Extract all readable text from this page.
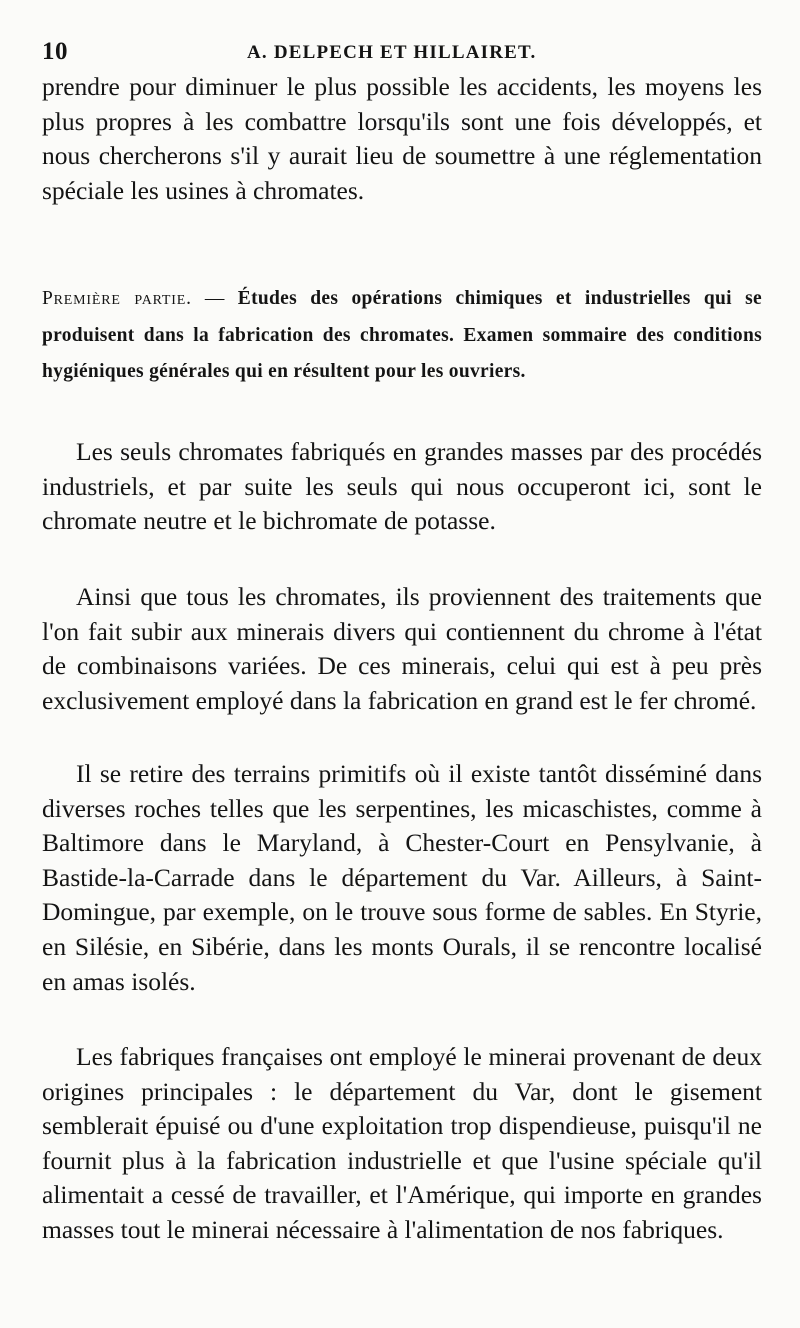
10	A. DELPECH ET HILLAIRET.

prendre pour diminuer le plus possible les accidents, les moyens les plus propres à les combattre lorsqu'ils sont une fois développés, et nous chercherons s'il y aurait lieu de soumettre à une réglementation spéciale les usines à chromates.

Première partie. — Études des opérations chimiques et industrielles qui se produisent dans la fabrication des chromates. Examen sommaire des conditions hygiéniques générales qui en résultent pour les ouvriers.

Les seuls chromates fabriqués en grandes masses par des procédés industriels, et par suite les seuls qui nous occuperont ici, sont le chromate neutre et le bichromate de potasse.

Ainsi que tous les chromates, ils proviennent des traitements que l'on fait subir aux minerais divers qui contiennent du chrome à l'état de combinaisons variées. De ces minerais, celui qui est à peu près exclusivement employé dans la fabrication en grand est le fer chromé.

Il se retire des terrains primitifs où il existe tantôt disséminé dans diverses roches telles que les serpentines, les micaschistes, comme à Baltimore dans le Maryland, à Chester-Court en Pensylvanie, à Bastide-la-Carrade dans le département du Var. Ailleurs, à Saint-Domingue, par exemple, on le trouve sous forme de sables. En Styrie, en Silésie, en Sibérie, dans les monts Ourals, il se rencontre localisé en amas isolés.

Les fabriques françaises ont employé le minerai provenant de deux origines principales : le département du Var, dont le gisement semblerait épuisé ou d'une exploitation trop dispendieuse, puisqu'il ne fournit plus à la fabrication industrielle et que l'usine spéciale qu'il alimentait a cessé de travailler, et l'Amérique, qui importe en grandes masses tout le minerai nécessaire à l'alimentation de nos fabriques.
